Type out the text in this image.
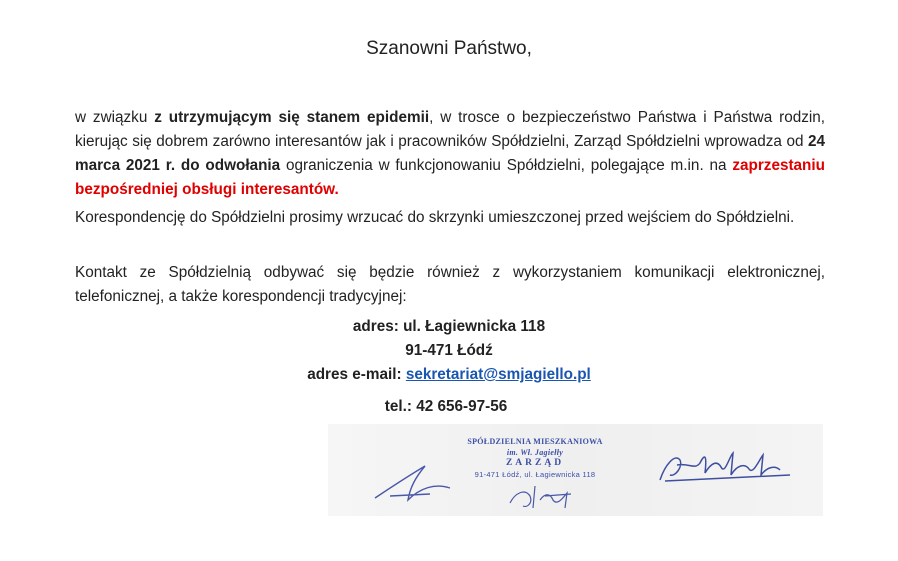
Szanowni Państwo,

w związku z utrzymującym się stanem epidemii, w trosce o bezpieczeństwo Państwa i Państwa rodzin, kierując się dobrem zarówno interesantów jak i pracowników Spółdzielni, Zarząd Spółdzielni wprowadza od 24 marca 2021 r. do odwołania ograniczenia w funkcjonowaniu Spółdzielni, polegające m.in. na zaprzestaniu bezpośredniej obsługi interesantów.

Korespondencję do Spółdzielni prosimy wrzucać do skrzynki umieszczonej przed wejściem do Spółdzielni.

Kontakt ze Spółdzielnią odbywać się będzie również z wykorzystaniem komunikacji elektronicznej, telefonicznej, a także korespondencji tradycyjnej:

adres: ul. Łagiewnicka 118
91-471 Łódź
adres e-mail: sekretariat@smjagiello.pl
tel.: 42 656-97-56
SPÓŁDZIELNIA MIESZKANIOWA
im. Wł. Jagiełły
ZARZĄD
91-471 Łódź, ul. Łagiewnicka 118
